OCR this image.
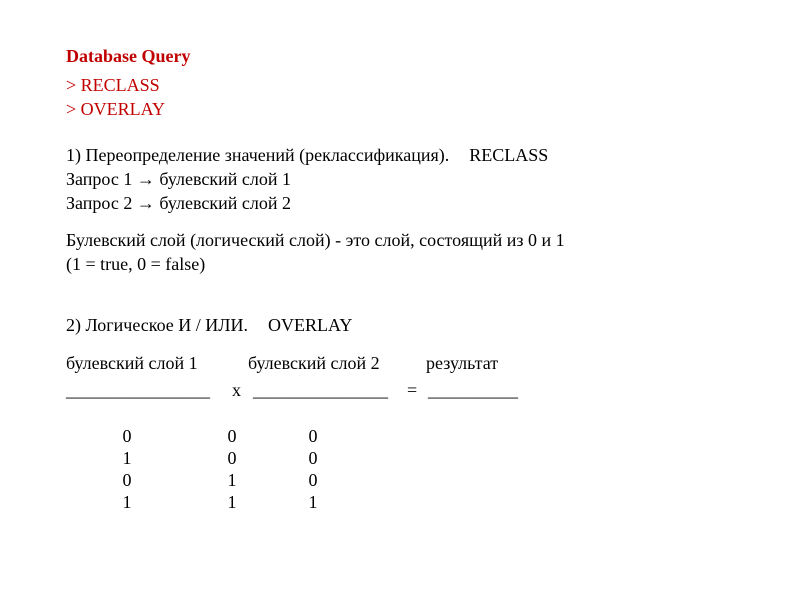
Database Query
> RECLASS
> OVERLAY
1) Переопределение значений (реклассификация). RECLASS
Запрос 1 → булевский слой 1
Запрос 2 → булевский слой 2
Булевский слой (логический слой) - это слой, состоящий из 0 и 1
(1 = true, 0 = false)
2) Логическое И / ИЛИ. OVERLAY
булевский слой 1	булевский слой 2	результат
________________ x _______________ = __________
0	0	0
1	0	0
0	1	0
1	1	1
